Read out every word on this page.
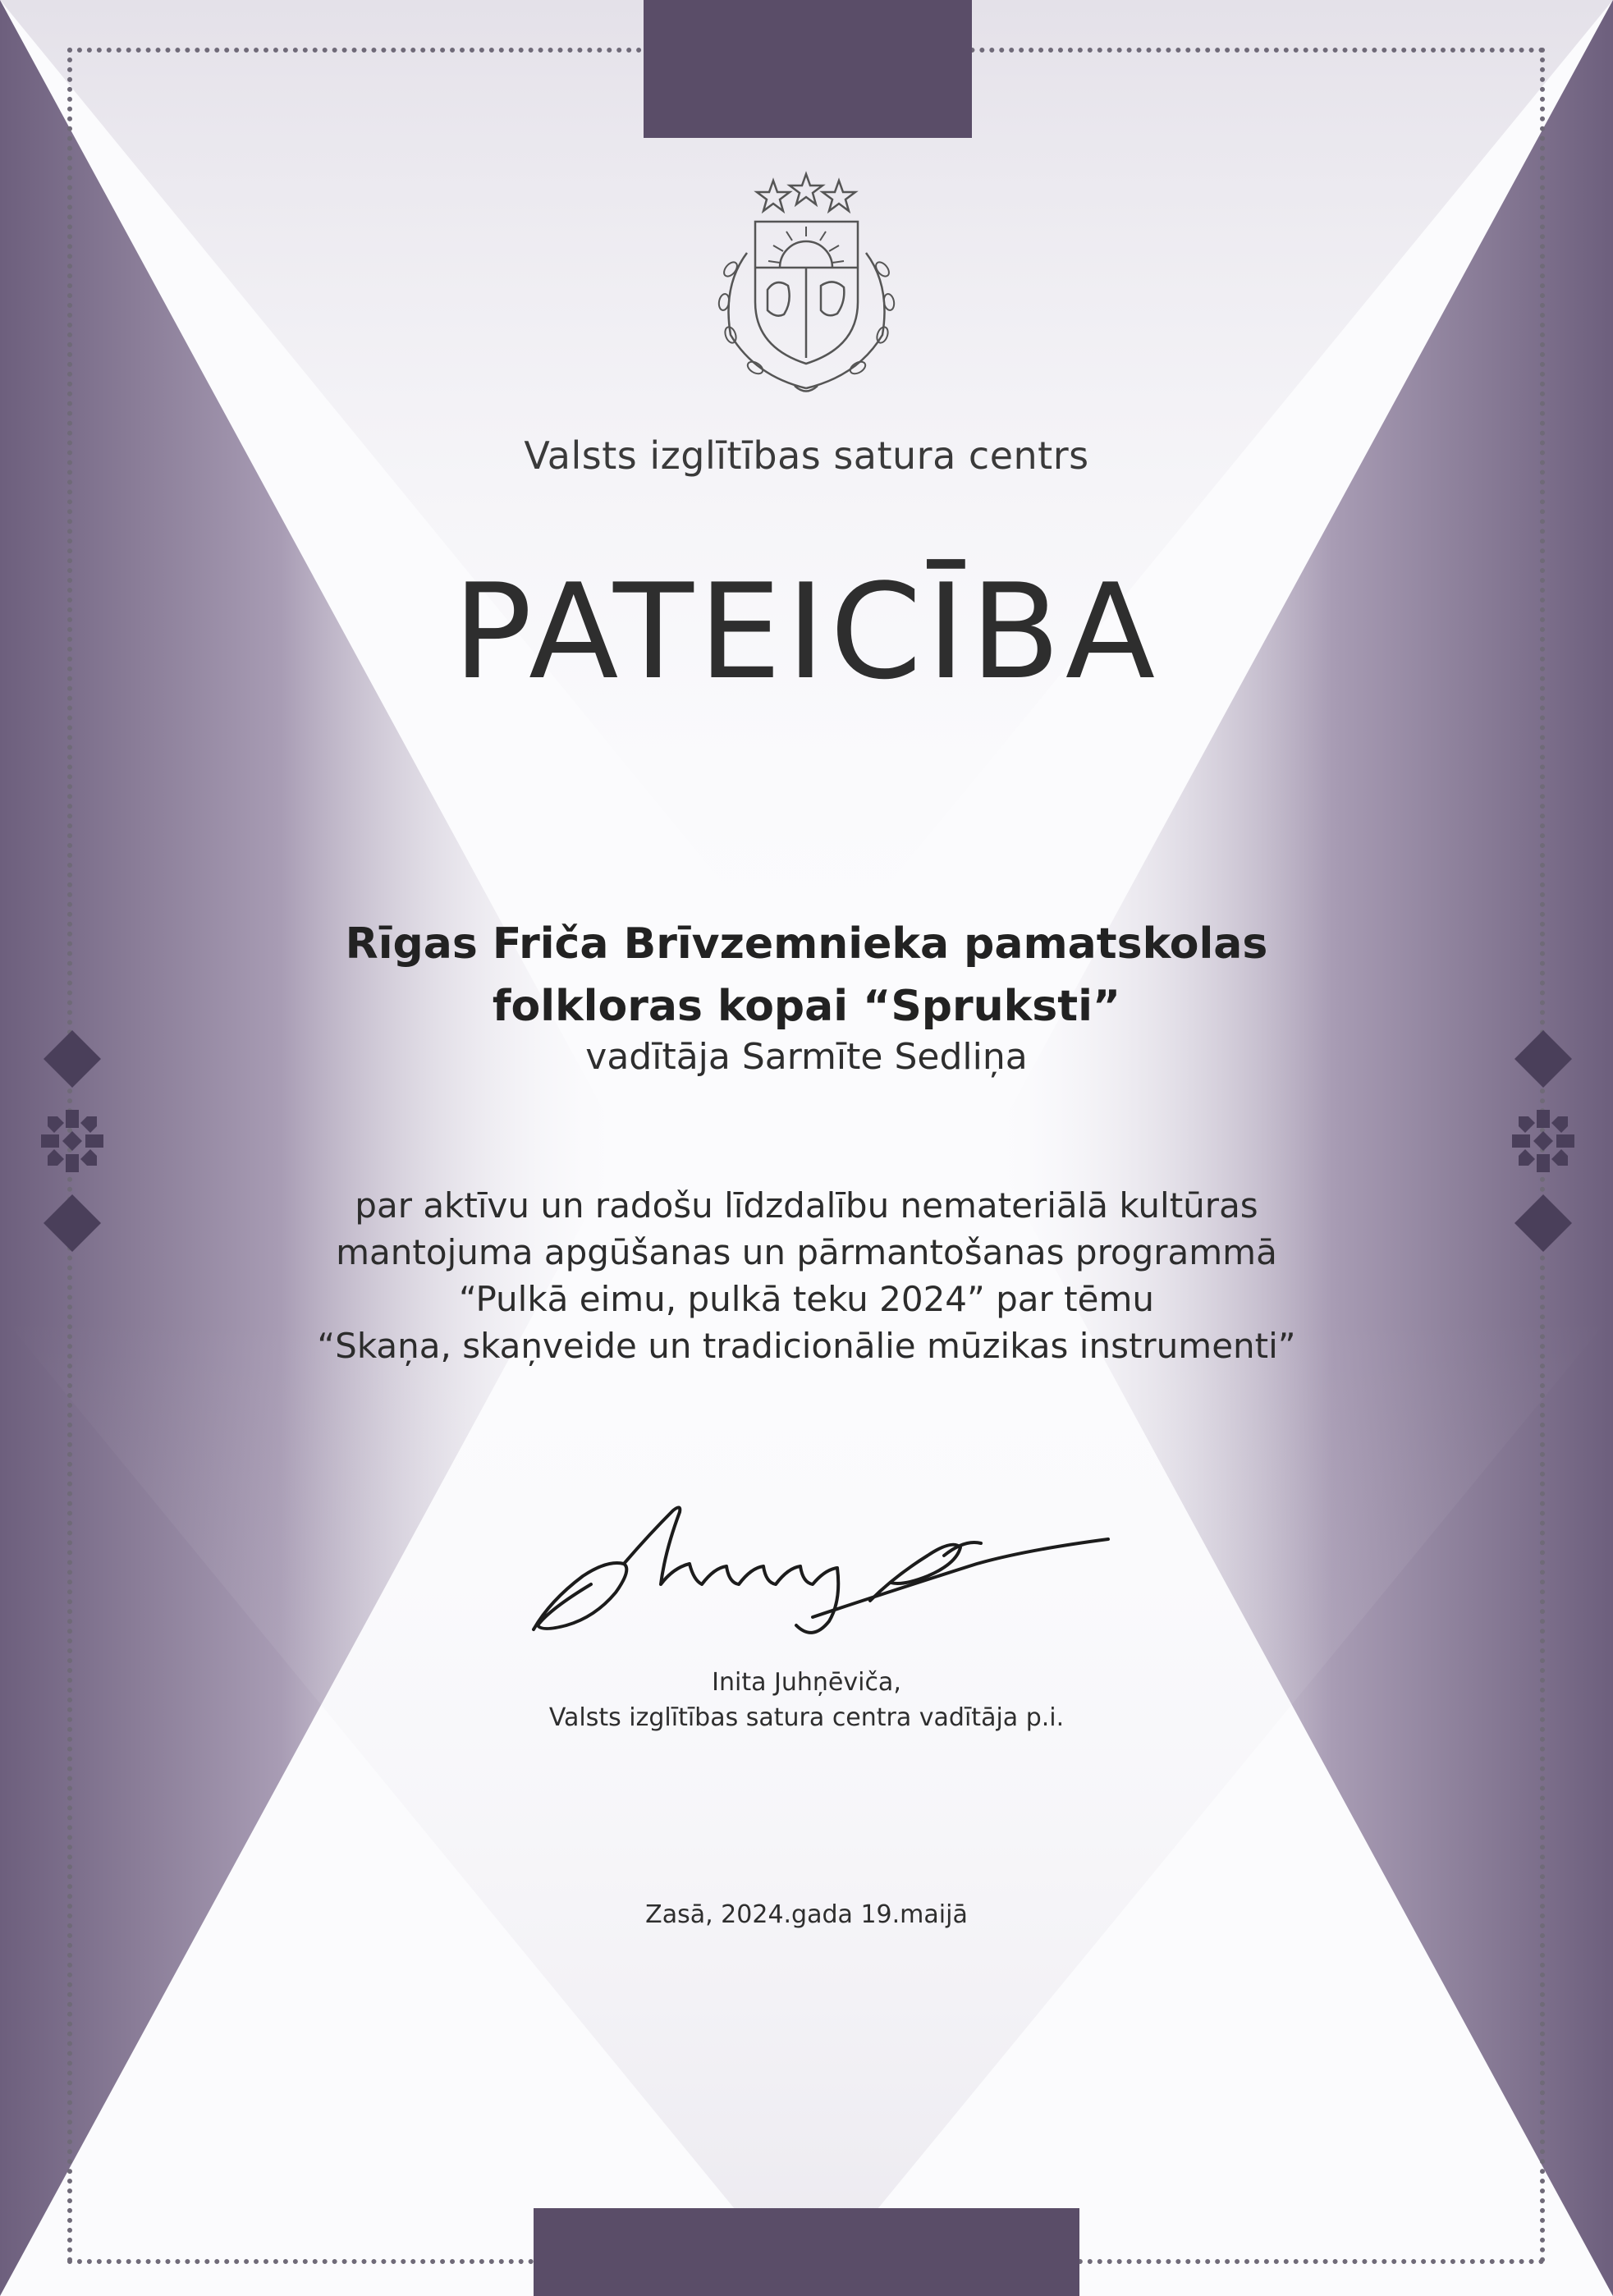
Valsts izglītības satura centrs
PATEICĪBA
Rīgas Friča Brīvzemnieka pamatskolas
folkloras kopai “Spruksti”
vadītāja Sarmīte Sedliņa
par aktīvu un radošu līdzdalību nemateriālā kultūras
mantojuma apgūšanas un pārmantošanas programmā
“Pulkā eimu, pulkā teku 2024” par tēmu
“Skaņa, skaņveide un tradicionālie mūzikas instrumenti”
Inita Juhņēviča,
Valsts izglītības satura centra vadītāja p.i.
Zasā, 2024.gada 19.maijā
